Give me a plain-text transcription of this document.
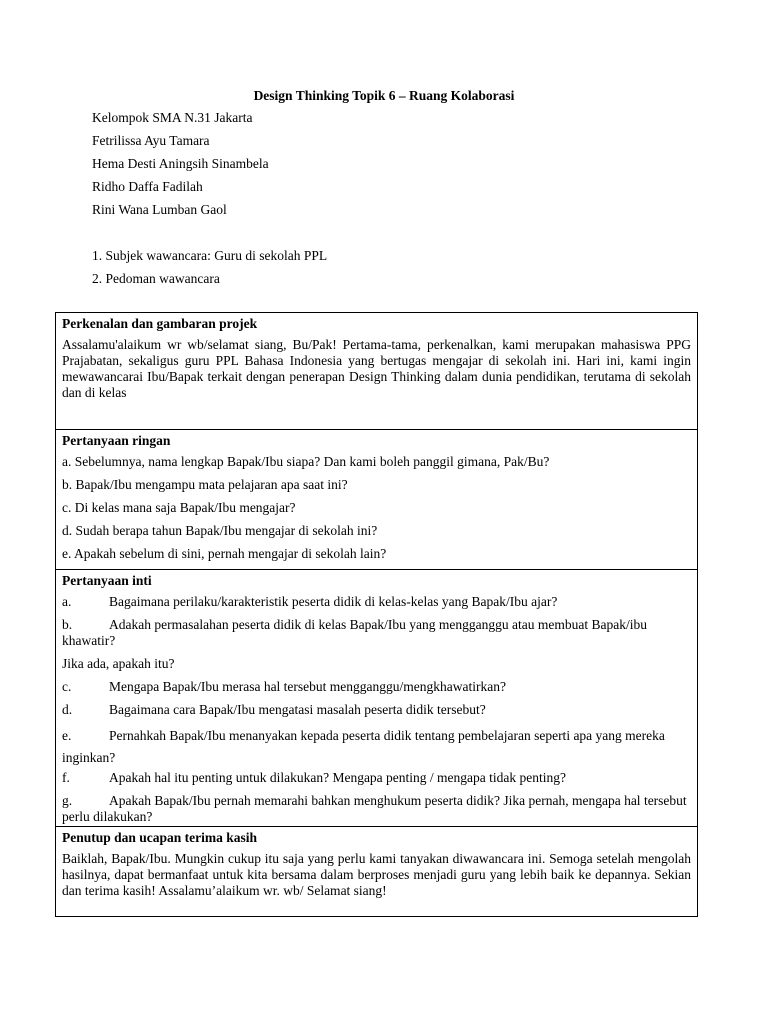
Design Thinking Topik 6 – Ruang Kolaborasi
Kelompok SMA N.31 Jakarta
Fetrilissa Ayu Tamara
Hema Desti Aningsih Sinambela
Ridho Daffa Fadilah
Rini Wana Lumban Gaol
1. Subjek wawancara: Guru di sekolah PPL
2. Pedoman wawancara
Perkenalan dan gambaran projek
Assalamu'alaikum wr wb/selamat siang, Bu/Pak! Pertama-tama, perkenalkan, kami merupakan mahasiswa PPG Prajabatan, sekaligus guru PPL Bahasa Indonesia yang bertugas mengajar di sekolah ini. Hari ini, kami ingin mewawancarai Ibu/Bapak terkait dengan penerapan Design Thinking dalam dunia pendidikan, terutama di sekolah dan di kelas

Pertanyaan ringan
a. Sebelumnya, nama lengkap Bapak/Ibu siapa? Dan kami boleh panggil gimana, Pak/Bu?
b. Bapak/Ibu mengampu mata pelajaran apa saat ini?
c. Di kelas mana saja Bapak/Ibu mengajar?
d. Sudah berapa tahun Bapak/Ibu mengajar di sekolah ini?
e. Apakah sebelum di sini, pernah mengajar di sekolah lain?

Pertanyaan inti
a.	Bagaimana perilaku/karakteristik peserta didik di kelas-kelas yang Bapak/Ibu ajar?
b.	Adakah permasalahan peserta didik di kelas Bapak/Ibu yang mengganggu atau membuat Bapak/ibu khawatir?
Jika ada, apakah itu?
c.	Mengapa Bapak/Ibu merasa hal tersebut mengganggu/mengkhawatirkan?
d.	Bagaimana cara Bapak/Ibu mengatasi masalah peserta didik tersebut?
e.	Pernahkah Bapak/Ibu menanyakan kepada peserta didik tentang pembelajaran seperti apa yang mereka inginkan?
f.	Apakah hal itu penting untuk dilakukan? Mengapa penting / mengapa tidak penting?
g.	Apakah Bapak/Ibu pernah memarahi bahkan menghukum peserta didik? Jika pernah, mengapa hal tersebut perlu dilakukan?

Penutup dan ucapan terima kasih
Baiklah, Bapak/Ibu. Mungkin cukup itu saja yang perlu kami tanyakan diwawancara ini. Semoga setelah mengolah hasilnya, dapat bermanfaat untuk kita bersama dalam berproses menjadi guru yang lebih baik ke depannya. Sekian dan terima kasih! Assalamu’alaikum wr. wb/ Selamat siang!
